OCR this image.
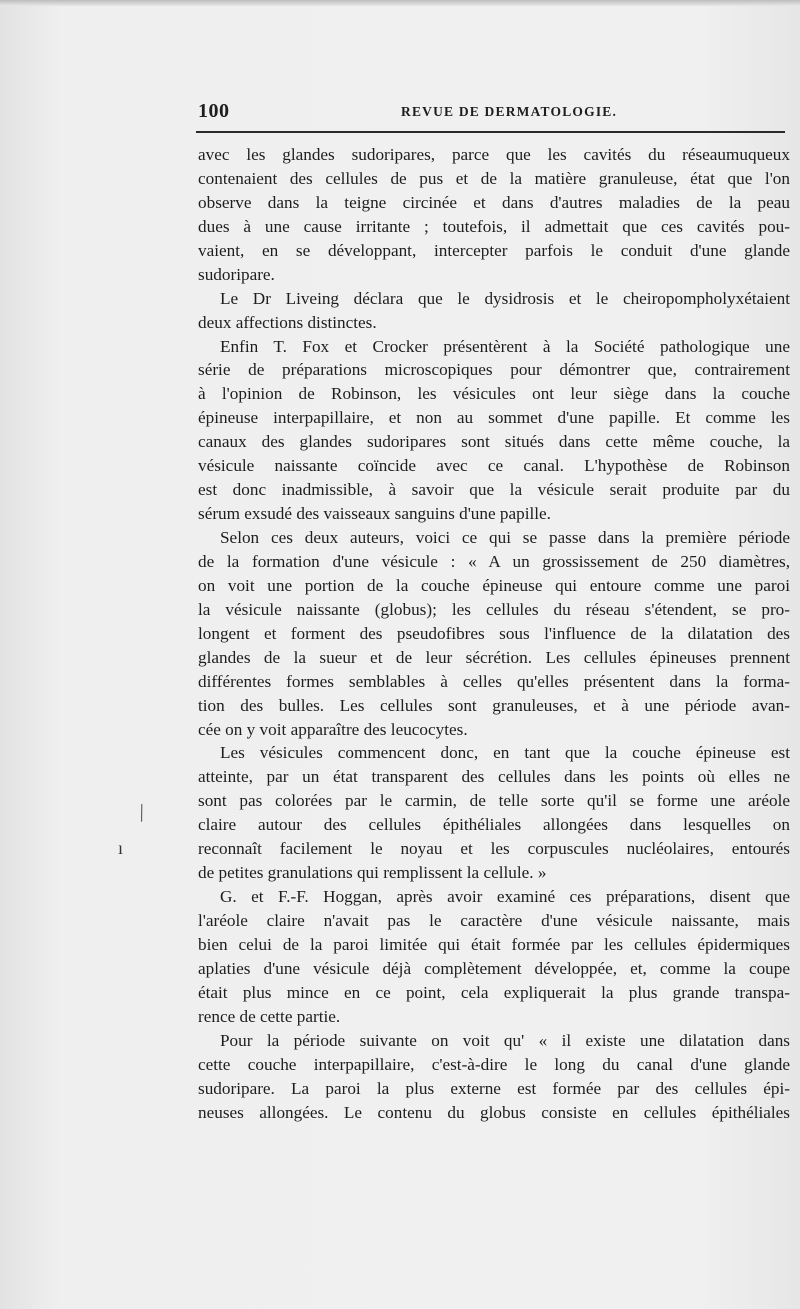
100	REVUE DE DERMATOLOGIE.
avec les glandes sudoripares, parce que les cavités du réseaumuqueux
contenaient des cellules de pus et de la matière granuleuse, état que l'on
observe dans la teigne circinée et dans d'autres maladies de la peau
dues à une cause irritante ; toutefois, il admettait que ces cavités pou-
vaient, en se développant, intercepter parfois le conduit d'une glande
sudoripare.
Le Dr Liveing déclara que le dysidrosis et le cheiropompholyxétaient
deux affections distinctes.
Enfin T. Fox et Crocker présentèrent à la Société pathologique une
série de préparations microscopiques pour démontrer que, contrairement
à l'opinion de Robinson, les vésicules ont leur siège dans la couche
épineuse interpapillaire, et non au sommet d'une papille. Et comme les
canaux des glandes sudoripares sont situés dans cette même couche, la
vésicule naissante coïncide avec ce canal. L'hypothèse de Robinson
est donc inadmissible, à savoir que la vésicule serait produite par du
sérum exsudé des vaisseaux sanguins d'une papille.
Selon ces deux auteurs, voici ce qui se passe dans la première période
de la formation d'une vésicule : « A un grossissement de 250 diamètres,
on voit une portion de la couche épineuse qui entoure comme une paroi
la vésicule naissante (globus); les cellules du réseau s'étendent, se pro-
longent et forment des pseudofibres sous l'influence de la dilatation des
glandes de la sueur et de leur sécrétion. Les cellules épineuses prennent
différentes formes semblables à celles qu'elles présentent dans la forma-
tion des bulles. Les cellules sont granuleuses, et à une période avan-
cée on y voit apparaître des leucocytes.
Les vésicules commencent donc, en tant que la couche épineuse est
atteinte, par un état transparent des cellules dans les points où elles ne
sont pas colorées par le carmin, de telle sorte qu'il se forme une aréole
claire autour des cellules épithéliales allongées dans lesquelles on
reconnaît facilement le noyau et les corpuscules nucléolaires, entourés
de petites granulations qui remplissent la cellule. »
G. et F.-F. Hoggan, après avoir examiné ces préparations, disent que
l'aréole claire n'avait pas le caractère d'une vésicule naissante, mais
bien celui de la paroi limitée qui était formée par les cellules épidermiques
aplaties d'une vésicule déjà complètement développée, et, comme la coupe
était plus mince en ce point, cela expliquerait la plus grande transpa-
rence de cette partie.
Pour la période suivante on voit qu' « il existe une dilatation dans
cette couche interpapillaire, c'est-à-dire le long du canal d'une glande
sudoripare. La paroi la plus externe est formée par des cellules épi-
neuses allongées. Le contenu du globus consiste en cellules épithéliales
⁄
ı
